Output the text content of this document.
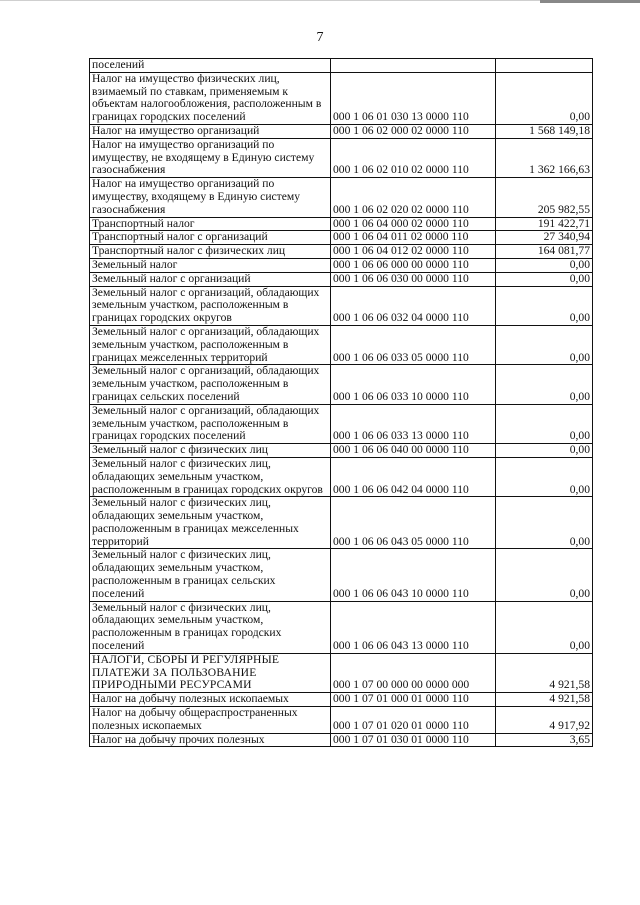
7
поселений		
Налог на имущество физических лиц, взимаемый по ставкам, применяемым к объектам налогообложения, расположенным в границах городских поселений	000 1 06 01 030 13 0000 110	0,00
Налог на имущество организаций	000 1 06 02 000 02 0000 110	1 568 149,18
Налог на имущество организаций по имуществу, не входящему в Единую систему газоснабжения	000 1 06 02 010 02 0000 110	1 362 166,63
Налог на имущество организаций по имуществу, входящему в Единую систему газоснабжения	000 1 06 02 020 02 0000 110	205 982,55
Транспортный налог	000 1 06 04 000 02 0000 110	191 422,71
Транспортный налог с организаций	000 1 06 04 011 02 0000 110	27 340,94
Транспортный налог с физических лиц	000 1 06 04 012 02 0000 110	164 081,77
Земельный налог	000 1 06 06 000 00 0000 110	0,00
Земельный налог с организаций	000 1 06 06 030 00 0000 110	0,00
Земельный налог с организаций, обладающих земельным участком, расположенным в границах городских округов	000 1 06 06 032 04 0000 110	0,00
Земельный налог с организаций, обладающих земельным участком, расположенным в границах межселенных территорий	000 1 06 06 033 05 0000 110	0,00
Земельный налог с организаций, обладающих земельным участком, расположенным в границах сельских поселений	000 1 06 06 033 10 0000 110	0,00
Земельный налог с организаций, обладающих земельным участком, расположенным в границах городских поселений	000 1 06 06 033 13 0000 110	0,00
Земельный налог с физических лиц	000 1 06 06 040 00 0000 110	0,00
Земельный налог с физических лиц, обладающих земельным участком, расположенным в границах городских округов	000 1 06 06 042 04 0000 110	0,00
Земельный налог с физических лиц, обладающих земельным участком, расположенным в границах межселенных территорий	000 1 06 06 043 05 0000 110	0,00
Земельный налог с физических лиц, обладающих земельным участком, расположенным в границах сельских поселений	000 1 06 06 043 10 0000 110	0,00
Земельный налог с физических лиц, обладающих земельным участком, расположенным в границах городских поселений	000 1 06 06 043 13 0000 110	0,00
НАЛОГИ, СБОРЫ И РЕГУЛЯРНЫЕ ПЛАТЕЖИ ЗА ПОЛЬЗОВАНИЕ ПРИРОДНЫМИ РЕСУРСАМИ	000 1 07 00 000 00 0000 000	4 921,58
Налог на добычу полезных ископаемых	000 1 07 01 000 01 0000 110	4 921,58
Налог на добычу общераспространенных полезных ископаемых	000 1 07 01 020 01 0000 110	4 917,92
Налог на добычу прочих полезных	000 1 07 01 030 01 0000 110	3,65
